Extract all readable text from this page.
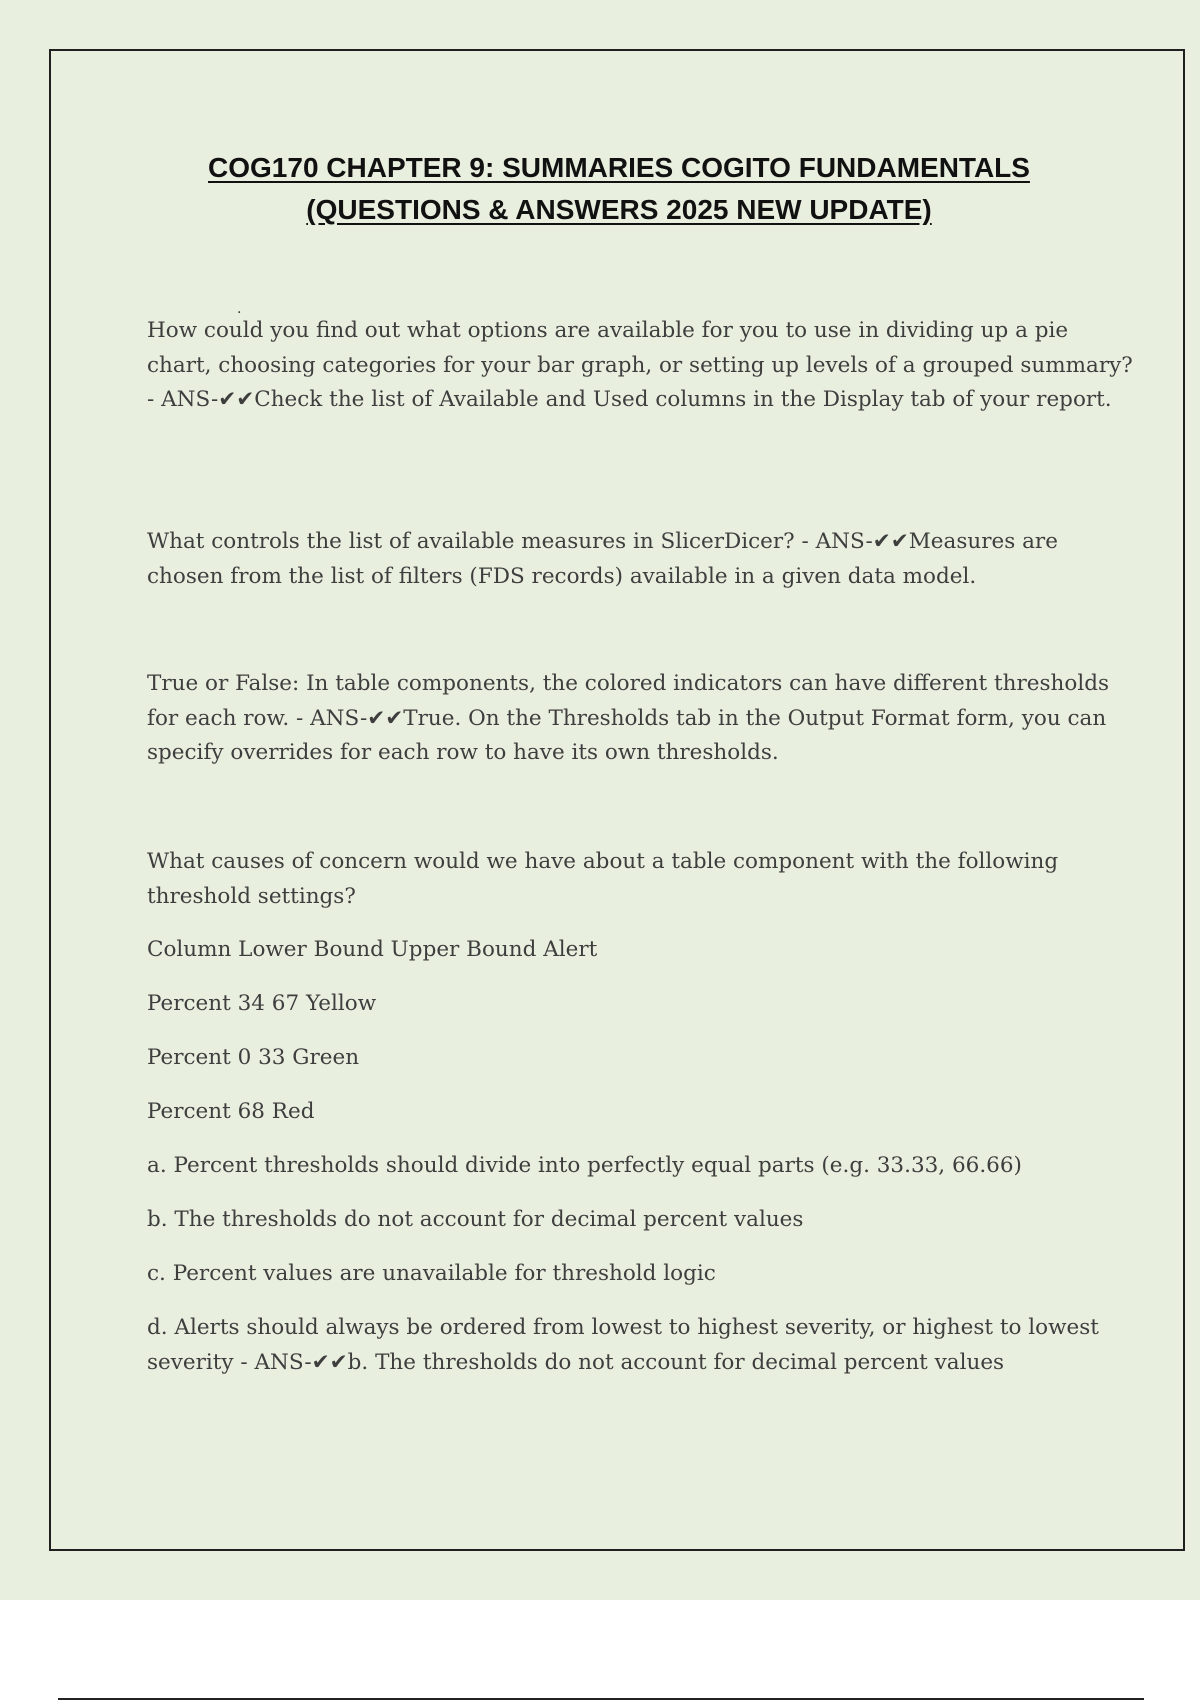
COG170 CHAPTER 9: SUMMARIES COGITO FUNDAMENTALS
(QUESTIONS & ANSWERS 2025 NEW UPDATE)
.

How could you find out what options are available for you to use in dividing up a pie chart, choosing categories for your bar graph, or setting up levels of a grouped summary? - ANS-✔✔Check the list of Available and Used columns in the Display tab of your report.

What controls the list of available measures in SlicerDicer? - ANS-✔✔Measures are chosen from the list of filters (FDS records) available in a given data model.

True or False: In table components, the colored indicators can have different thresholds for each row. - ANS-✔✔True. On the Thresholds tab in the Output Format form, you can specify overrides for each row to have its own thresholds.

What causes of concern would we have about a table component with the following threshold settings?

Column Lower Bound Upper Bound Alert

Percent 34 67 Yellow

Percent 0 33 Green

Percent 68 Red

a. Percent thresholds should divide into perfectly equal parts (e.g. 33.33, 66.66)

b. The thresholds do not account for decimal percent values

c. Percent values are unavailable for threshold logic

d. Alerts should always be ordered from lowest to highest severity, or highest to lowest severity - ANS-✔✔b. The thresholds do not account for decimal percent values
